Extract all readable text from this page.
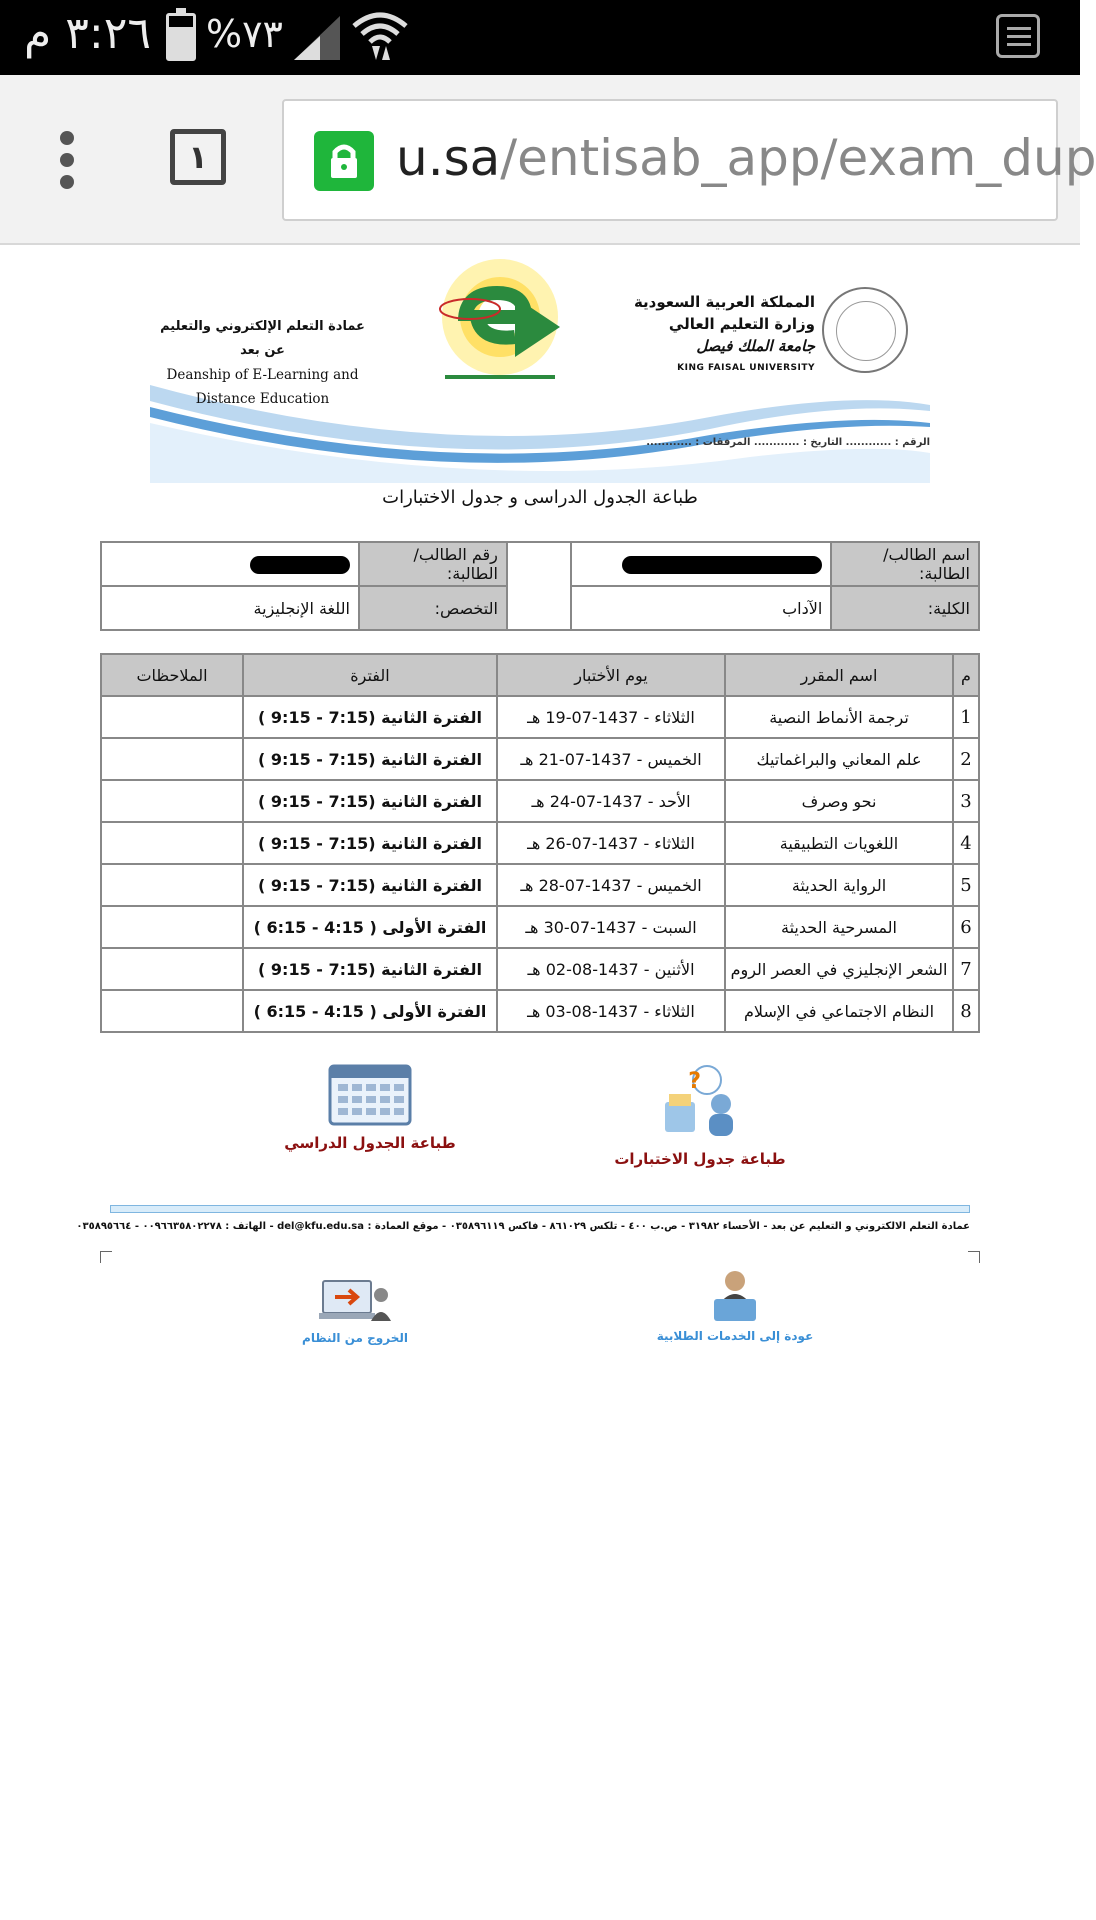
٣:٢٦ م %٧٣
١	u.sa/entisab_app/exam_dup
المملكة العربية السعودية
وزارة التعليم العالي
جامعة الملك فيصل
KING FAISAL UNIVERSITY
عمادة التعلم الإلكتروني والتعليم عن بعد
Deanship of E-Learning and
Distance Education
الرقم : ............ التاريخ : ............ المرفقات : ............
طباعة الجدول الدراسى و جدول الاختبارات
اسم الطالب/الطالبة:			رقم الطالب/الطالبة:	
الكلية:	الآداب		التخصص:	اللغة الإنجليزية
م	اسم المقرر	يوم الأختبار	الفترة	الملاحظات
1	ترجمة الأنماط النصية	الثلاثاء - 1437-07-19 هـ	الفترة الثانية (7:15 - 9:15 )	
2	علم المعاني والبراغماتيك	الخميس - 1437-07-21 هـ	الفترة الثانية (7:15 - 9:15 )	
3	نحو وصرف	الأحد - 1437-07-24 هـ	الفترة الثانية (7:15 - 9:15 )	
4	اللغويات التطبيقية	الثلاثاء - 1437-07-26 هـ	الفترة الثانية (7:15 - 9:15 )	
5	الرواية الحديثة	الخميس - 1437-07-28 هـ	الفترة الثانية (7:15 - 9:15 )	
6	المسرحية الحديثة	السبت - 1437-07-30 هـ	الفترة الأولى ( 4:15 - 6:15 )	
7	الشعر الإنجليزي في العصر الروم	الأثنين - 1437-08-02 هـ	الفترة الثانية (7:15 - 9:15 )	
8	النظام الاجتماعي في الإسلام	الثلاثاء - 1437-08-03 هـ	الفترة الأولى ( 4:15 - 6:15 )	
?
طباعة جدول الاختبارات
طباعة الجدول الدراسي
عمادة التعلم الالكتروني و التعليم عن بعد - الأحساء ٣١٩٨٢ - ص.ب ٤٠٠ - تلكس ٨٦١٠٢٩ - فاكس ٠٣٥٨٩٦١١٩ - موقع العمادة : del@kfu.edu.sa - الهاتف : ٠٠٩٦٦٣٥٨٠٢٢٧٨ - ٠٣٥٨٩٥٦٦٤
عودة إلى الخدمات الطلابية
الخروج من النظام
